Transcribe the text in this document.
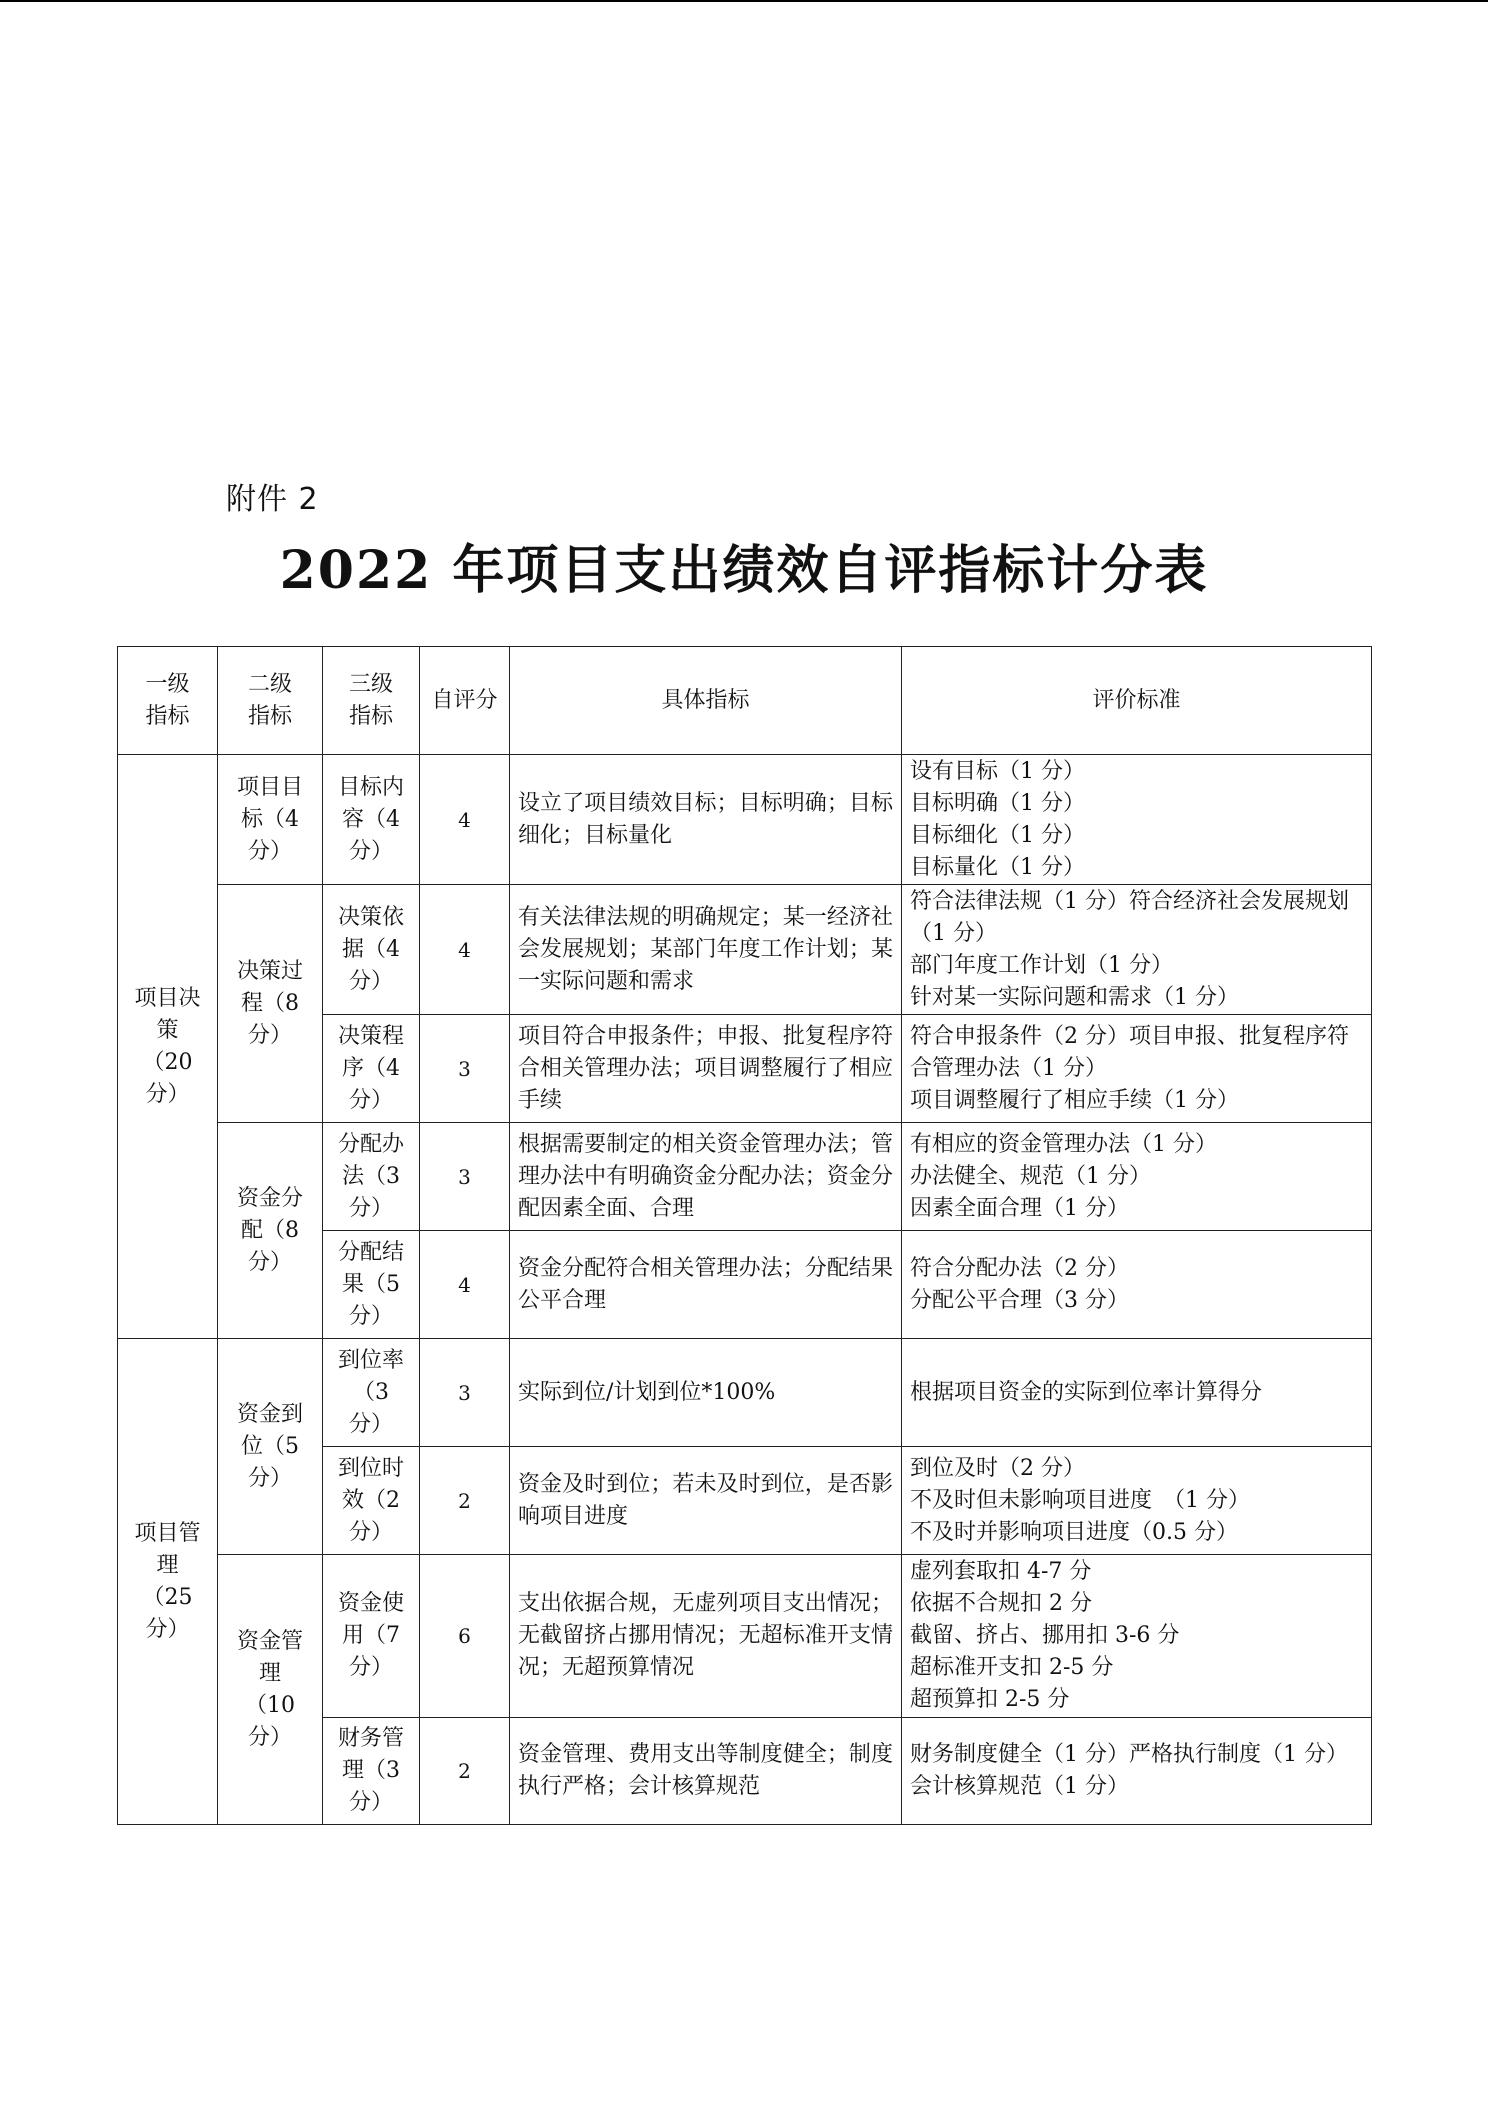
附件 2
2022 年项目支出绩效自评指标计分表
一级指标	二级指标	三级指标	自评分	具体指标	评价标准
项目决策（20 分）	项目目标（4 分）	目标内容（4 分）	4	设立了项目绩效目标；目标明确；目标细化；目标量化	设有目标（1 分）
目标明确（1 分）
目标细化（1 分）
目标量化（1 分）

	决策过程（8 分）	决策依据（4 分）	4	有关法律法规的明确规定；某一经济社会发展规划；某部门年度工作计划；某一实际问题和需求	符合法律法规（1 分）符合经济社会发展规划（1 分）
部门年度工作计划（1 分）
针对某一实际问题和需求（1 分）

		决策程序（4 分）	3	项目符合申报条件；申报、批复程序符合相关管理办法；项目调整履行了相应手续	符合申报条件（2 分）项目申报、批复程序符合管理办法（1 分）
项目调整履行了相应手续（1 分）

	资金分配（8 分）	分配办法（3 分）	3	根据需要制定的相关资金管理办法；管理办法中有明确资金分配办法；资金分配因素全面、合理	有相应的资金管理办法（1 分）
办法健全、规范（1 分）
因素全面合理（1 分）

		分配结果（5 分）	4	资金分配符合相关管理办法；分配结果公平合理	符合分配办法（2 分）
分配公平合理（3 分）

项目管理（25 分）	资金到位（5 分）	到位率（3 分）	3	实际到位/计划到位*100%	根据项目资金的实际到位率计算得分

		到位时效（2 分）	2	资金及时到位；若未及时到位，是否影响项目进度	到位及时（2 分）
不及时但未影响项目进度　（1 分）
不及时并影响项目进度（0.5 分）

	资金管理（10 分）	资金使用（7 分）	6	支出依据合规，无虚列项目支出情况；无截留挤占挪用情况；无超标准开支情况；无超预算情况	虚列套取扣 4-7 分
依据不合规扣 2 分
截留、挤占、挪用扣 3-6 分
超标准开支扣 2-5 分
超预算扣 2-5 分

		财务管理（3 分）	2	资金管理、费用支出等制度健全；制度执行严格；会计核算规范	财务制度健全（1 分）严格执行制度（1 分）
会计核算规范（1 分）
